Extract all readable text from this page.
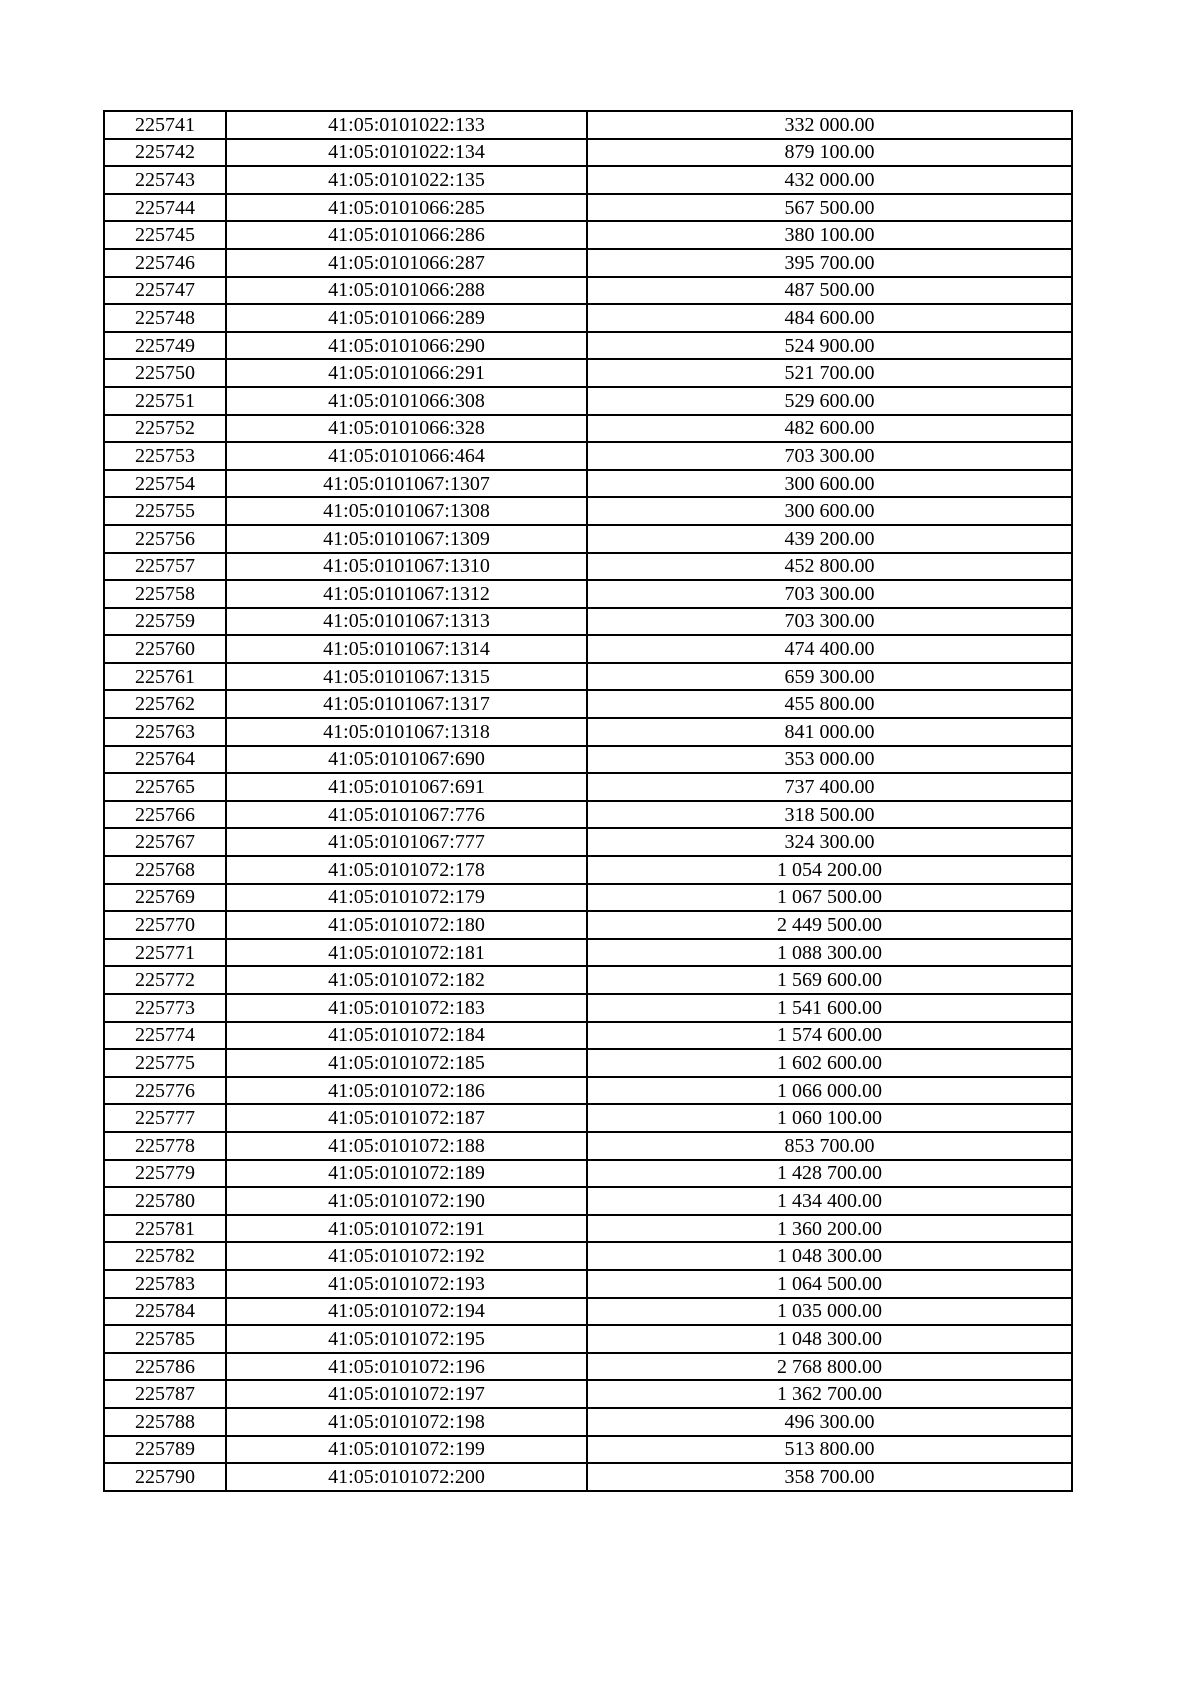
225741	41:05:0101022:133	332 000.00
225742	41:05:0101022:134	879 100.00
225743	41:05:0101022:135	432 000.00
225744	41:05:0101066:285	567 500.00
225745	41:05:0101066:286	380 100.00
225746	41:05:0101066:287	395 700.00
225747	41:05:0101066:288	487 500.00
225748	41:05:0101066:289	484 600.00
225749	41:05:0101066:290	524 900.00
225750	41:05:0101066:291	521 700.00
225751	41:05:0101066:308	529 600.00
225752	41:05:0101066:328	482 600.00
225753	41:05:0101066:464	703 300.00
225754	41:05:0101067:1307	300 600.00
225755	41:05:0101067:1308	300 600.00
225756	41:05:0101067:1309	439 200.00
225757	41:05:0101067:1310	452 800.00
225758	41:05:0101067:1312	703 300.00
225759	41:05:0101067:1313	703 300.00
225760	41:05:0101067:1314	474 400.00
225761	41:05:0101067:1315	659 300.00
225762	41:05:0101067:1317	455 800.00
225763	41:05:0101067:1318	841 000.00
225764	41:05:0101067:690	353 000.00
225765	41:05:0101067:691	737 400.00
225766	41:05:0101067:776	318 500.00
225767	41:05:0101067:777	324 300.00
225768	41:05:0101072:178	1 054 200.00
225769	41:05:0101072:179	1 067 500.00
225770	41:05:0101072:180	2 449 500.00
225771	41:05:0101072:181	1 088 300.00
225772	41:05:0101072:182	1 569 600.00
225773	41:05:0101072:183	1 541 600.00
225774	41:05:0101072:184	1 574 600.00
225775	41:05:0101072:185	1 602 600.00
225776	41:05:0101072:186	1 066 000.00
225777	41:05:0101072:187	1 060 100.00
225778	41:05:0101072:188	853 700.00
225779	41:05:0101072:189	1 428 700.00
225780	41:05:0101072:190	1 434 400.00
225781	41:05:0101072:191	1 360 200.00
225782	41:05:0101072:192	1 048 300.00
225783	41:05:0101072:193	1 064 500.00
225784	41:05:0101072:194	1 035 000.00
225785	41:05:0101072:195	1 048 300.00
225786	41:05:0101072:196	2 768 800.00
225787	41:05:0101072:197	1 362 700.00
225788	41:05:0101072:198	496 300.00
225789	41:05:0101072:199	513 800.00
225790	41:05:0101072:200	358 700.00
